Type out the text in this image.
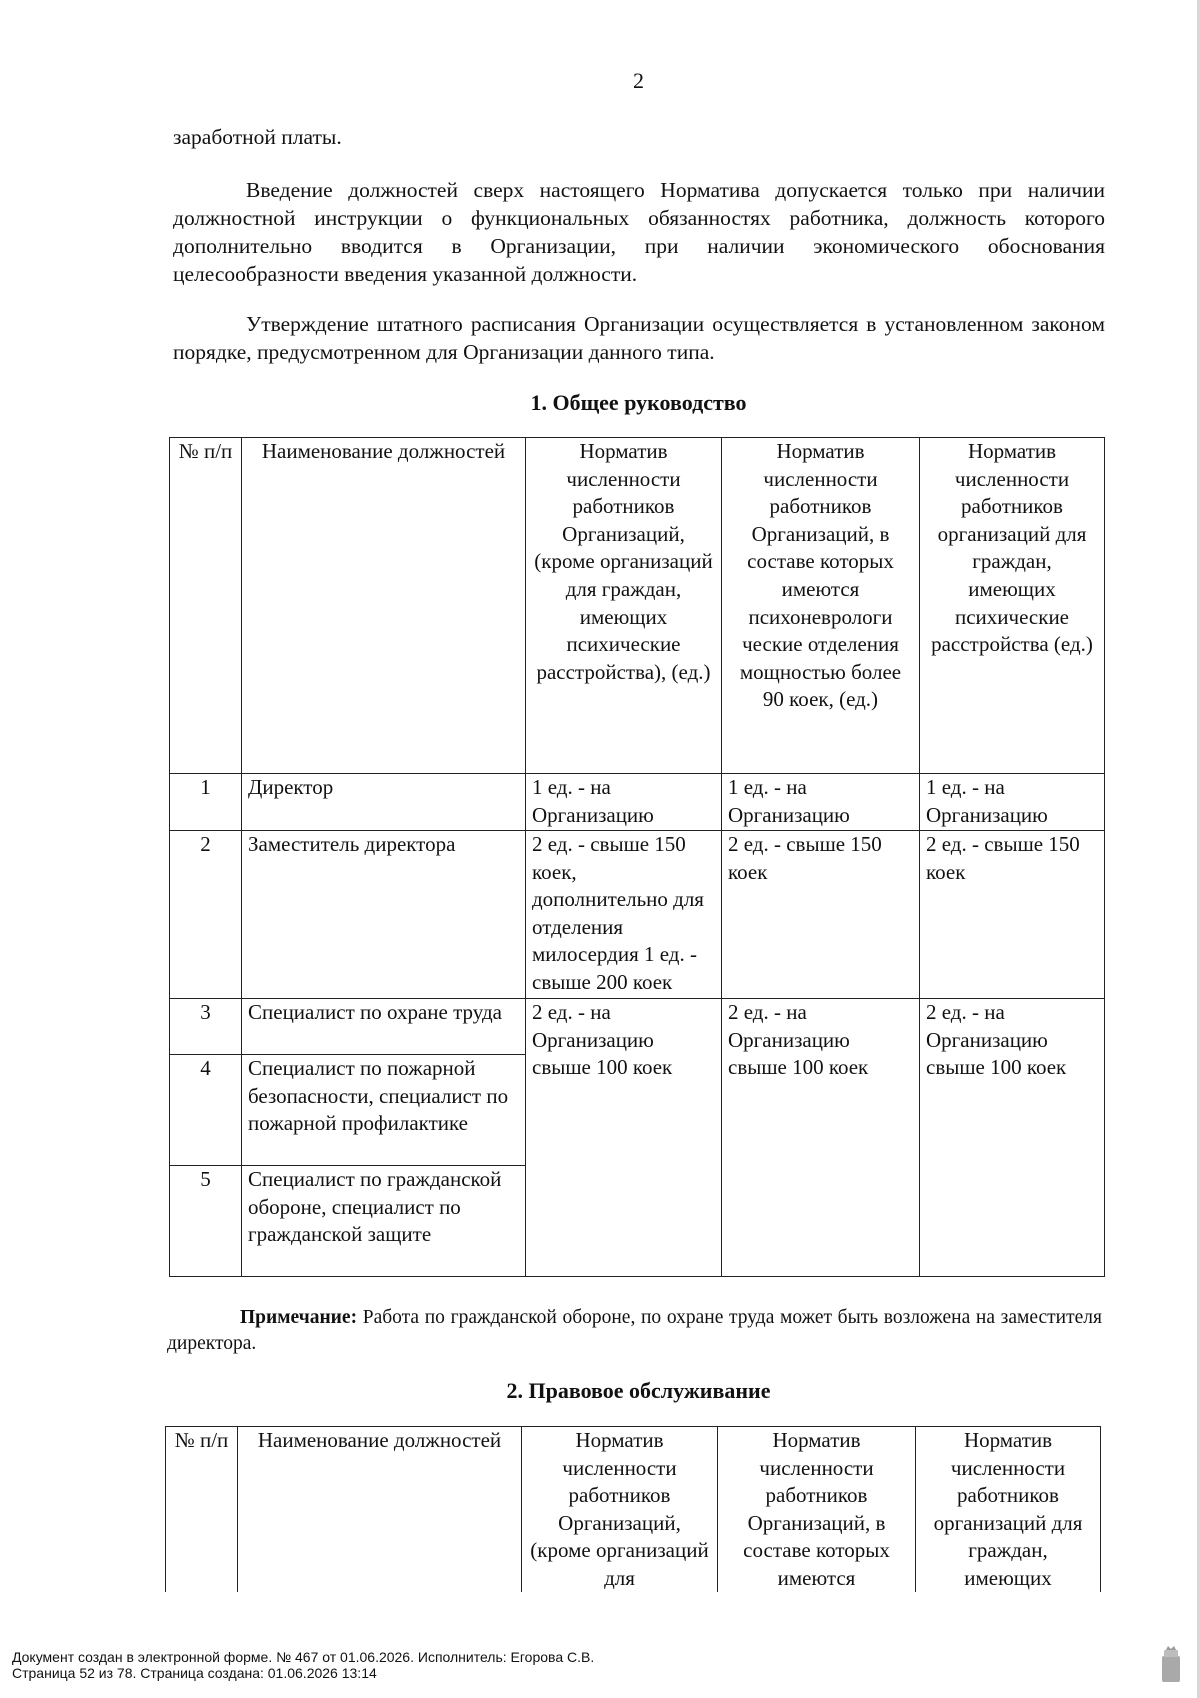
2

заработной платы.

Введение должностей сверх настоящего Норматива допускается только при наличии должностной инструкции о функциональных обязанностях работника, должность которого дополнительно вводится в Организации, при наличии экономического обоснования целесообразности введения указанной должности.

Утверждение штатного расписания Организации осуществляется в установленном законом порядке, предусмотренном для Организации данного типа.

1. Общее руководство
№ п/п	Наименование должностей	Норматив численности работников Организаций, (кроме организаций для граждан, имеющих психические расстройства), (ед.)	Норматив численности работников Организаций, в составе которых имеются психоневрологи ческие отделения мощностью более 90 коек, (ед.)	Норматив численности работников организаций для граждан, имеющих психические расстройства (ед.)
1	Директор	1 ед. - на Организацию	1 ед. - на Организацию	1 ед. - на Организацию
2	Заместитель директора	2 ед. - свыше 150 коек, дополнительно для отделения милосердия 1 ед. - свыше 200 коек	2 ед. - свыше 150 коек	2 ед. - свыше 150 коек
3	Специалист по охране труда	2 ед. - на Организацию свыше 100 коек	2 ед. - на Организацию свыше 100 коек	2 ед. - на Организацию свыше 100 коек
4	Специалист по пожарной безопасности, специалист по пожарной профилактике			
5	Специалист по гражданской обороне, специалист по гражданской защите			

Примечание: Работа по гражданской обороне, по охране труда может быть возложена на заместителя директора.

2. Правовое обслуживание
№ п/п	Наименование должностей	Норматив численности работников Организаций, (кроме организаций для	Норматив численности работников Организаций, в составе которых имеются	Норматив численности работников организаций для граждан, имеющих
Документ создан в электронной форме. № 467 от 01.06.2026. Исполнитель: Егорова С.В.
Страница 52 из 78. Страница создана: 01.06.2026 13:14
